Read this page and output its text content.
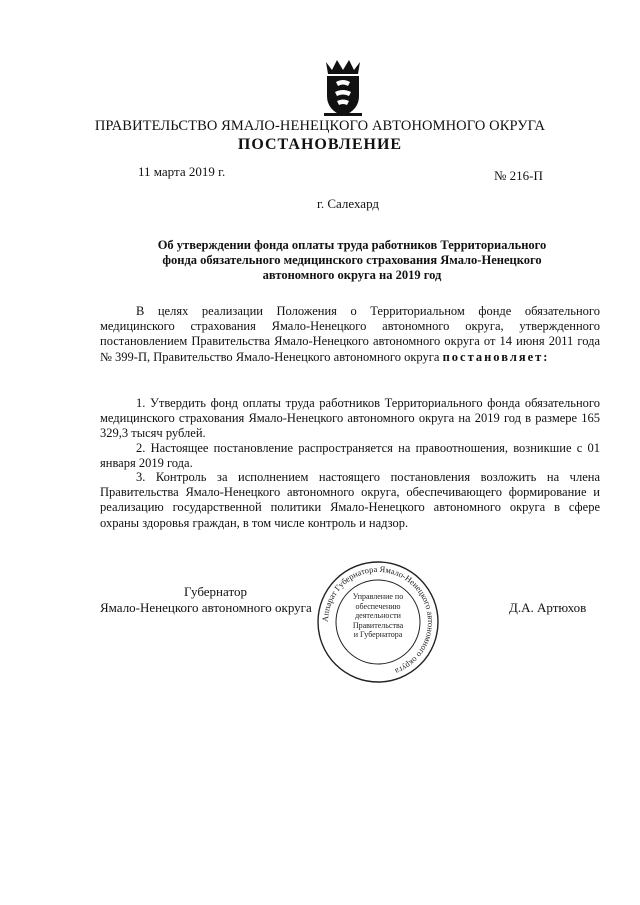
ПРАВИТЕЛЬСТВО ЯМАЛО-НЕНЕЦКОГО АВТОНОМНОГО ОКРУГА
ПОСТАНОВЛЕНИЕ
11 марта 2019 г.	№ 216-П
г. Салехард
Об утверждении фонда оплаты труда работников Территориального
фонда обязательного медицинского страхования Ямало-Ненецкого
автономного округа на 2019 год
В целях реализации Положения о Территориальном фонде обязательного медицинского страхования Ямало-Ненецкого автономного округа, утвержденного постановлением Правительства Ямало-Ненецкого автономного округа от 14 июня 2011 года № 399-П, Правительство Ямало-Ненецкого автономного округа постановляет:
1. Утвердить фонд оплаты труда работников Территориального фонда обязательного медицинского страхования Ямало-Ненецкого автономного округа на 2019 год в размере 165 329,3 тысяч рублей.
2. Настоящее постановление распространяется на правоотношения, возникшие с 01 января 2019 года.
3. Контроль за исполнением настоящего постановления возложить на члена Правительства Ямало-Ненецкого автономного округа, обеспечивающего формирование и реализацию государственной политики Ямало-Ненецкого автономного округа в сфере охраны здоровья граждан, в том числе контроль и надзор.
Аппарат Губернатора Ямало-Ненецкого автономного округа
Управление по
обеспечению
деятельности
Правительства
и Губернатора
Губернатор
Ямало-Ненецкого автономного округа	Д.А. Артюхов
